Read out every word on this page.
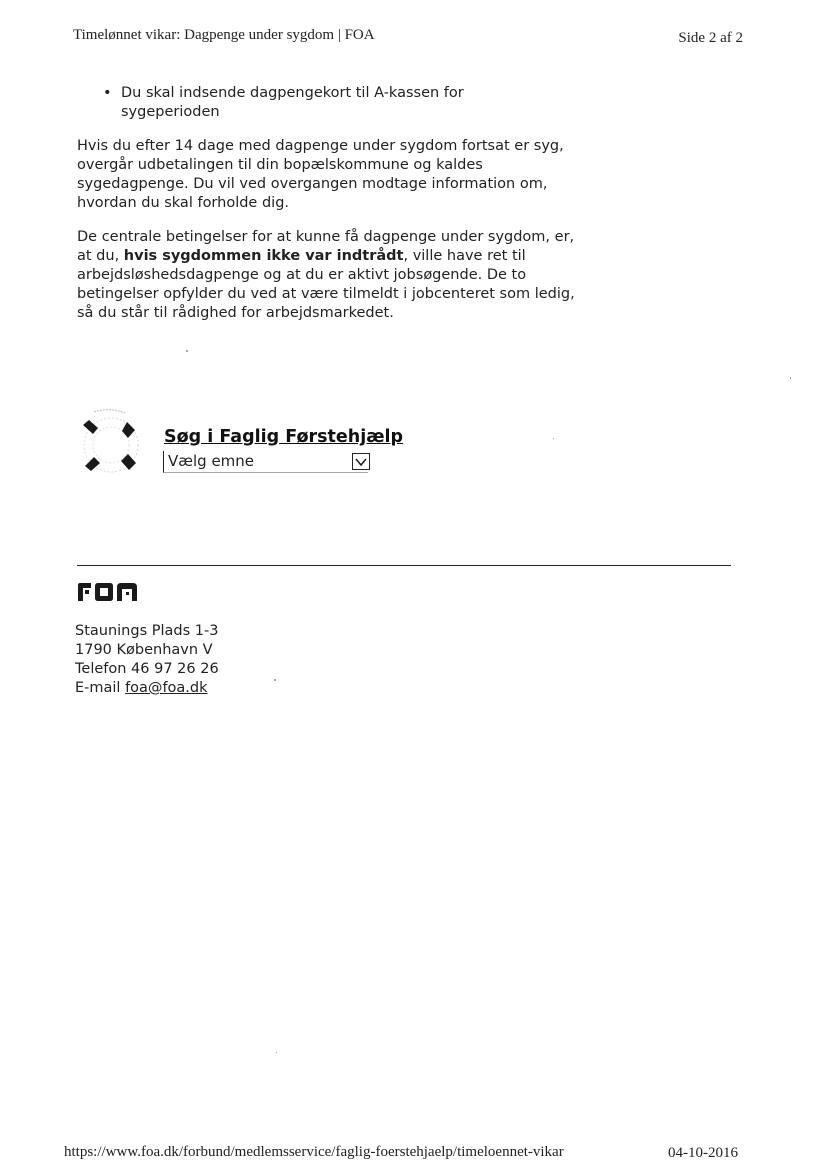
Timelønnet vikar: Dagpenge under sygdom | FOA	Side 2 af 2
• Du skal indsende dagpengekort til A-kassen for sygeperioden

Hvis du efter 14 dage med dagpenge under sygdom fortsat er syg, overgår udbetalingen til din bopælskommune og kaldes sygedagpenge. Du vil ved overgangen modtage information om, hvordan du skal forholde dig.

De centrale betingelser for at kunne få dagpenge under sygdom, er, at du, hvis sygdommen ikke var indtrådt, ville have ret til arbejdsløshedsdagpenge og at du er aktivt jobsøgende. De to betingelser opfylder du ved at være tilmeldt i jobcenteret som ledig, så du står til rådighed for arbejdsmarkedet.

Søg i Faglig Førstehjælp
Vælg emne
Staunings Plads 1-3
1790 København V
Telefon 46 97 26 26
E-mail foa@foa.dk
https://www.foa.dk/forbund/medlemsservice/faglig-foerstehjaelp/timeloennet-vikar	04-10-2016
